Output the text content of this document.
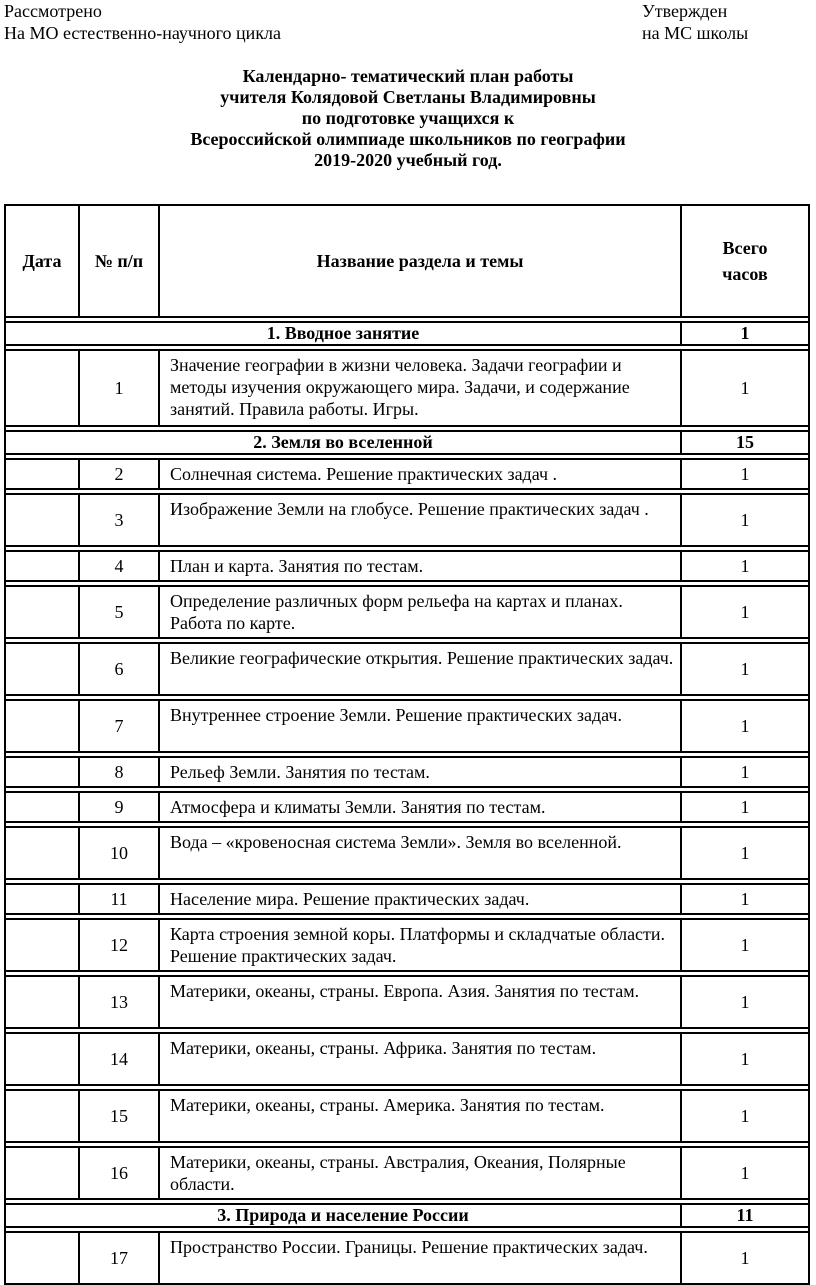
Рассмотрено
На МО естественно-научного цикла
Утвержден
на МС школы
Календарно- тематический план работы
учителя Колядовой Светланы Владимировны
по подготовке учащихся к
Всероссийской олимпиаде школьников по географии
2019-2020 учебный год.
Дата	№ п/п	Название раздела и темы	Всего
часов

1. Вводное занятие			1

	1	Значение географии в жизни человека. Задачи географии и методы изучения окружающего мира. Задачи, и содержание занятий. Правила работы. Игры.	1

2. Земля во вселенной			15

	2	Солнечная система. Решение практических задач .	1

	3	Изображение Земли на глобусе. Решение практических задач .	1

	4	План и карта. Занятия по тестам.	1

	5	Определение различных форм рельефа на картах и планах. Работа по карте.	1

	6	Великие географические открытия. Решение практических задач.	1

	7	Внутреннее строение Земли. Решение практических задач.	1

	8	Рельеф Земли. Занятия по тестам.	1

	9	Атмосфера и климаты Земли. Занятия по тестам.	1

	10	Вода – «кровеносная система Земли». Земля во вселенной.	1

	11	Население мира. Решение практических задач.	1

	12	Карта строения земной коры. Платформы и складчатые области. Решение практических задач.	1

	13	Материки, океаны, страны. Европа. Азия. Занятия по тестам.	1

	14	Материки, океаны, страны. Африка. Занятия по тестам.	1

	15	Материки, океаны, страны. Америка. Занятия по тестам.	1

	16	Материки, океаны, страны. Австралия, Океания, Полярные области.	1

3. Природа и население России			11

	17	Пространство России. Границы. Решение практических задач.	1
